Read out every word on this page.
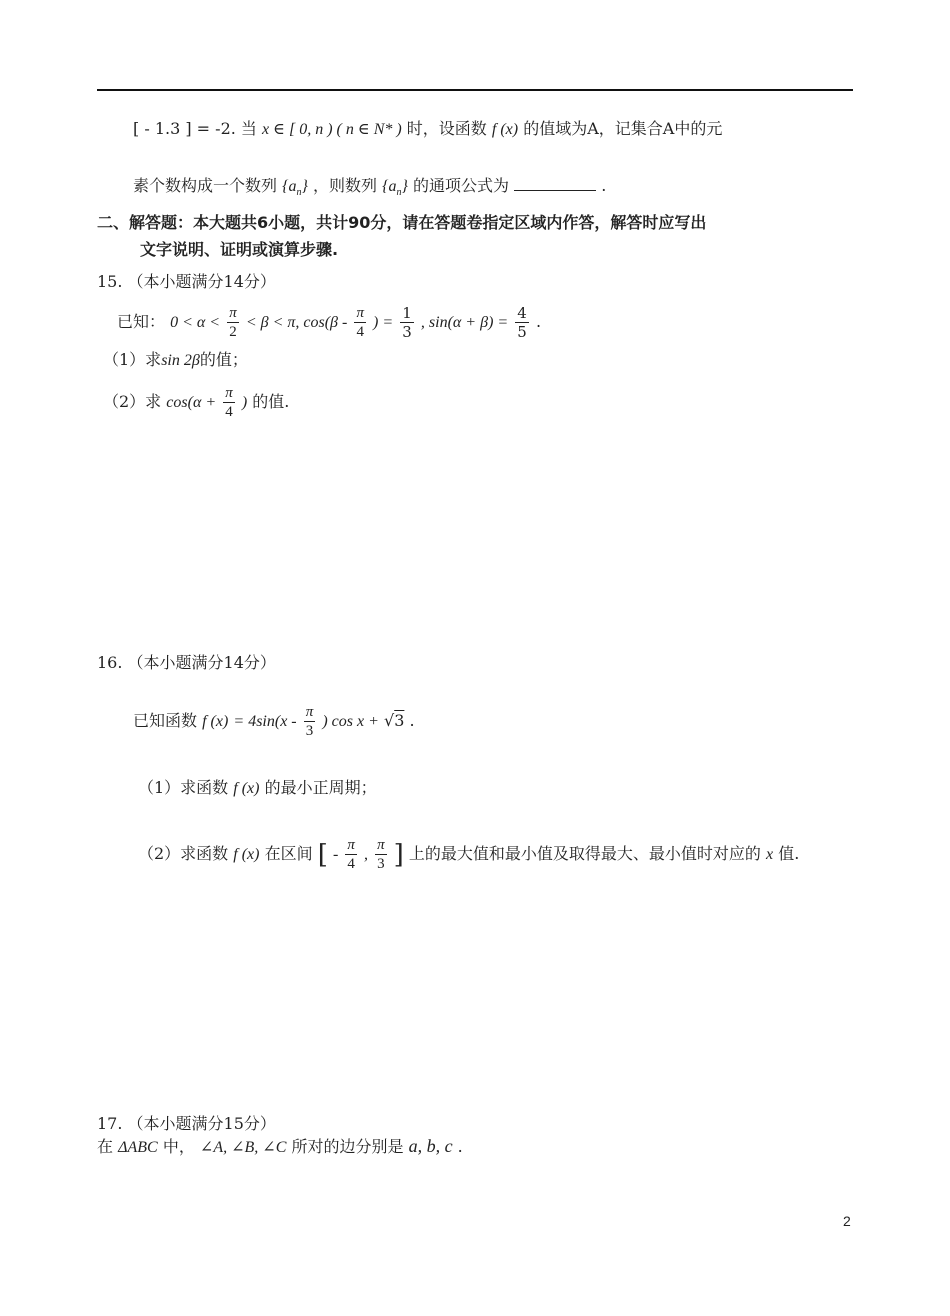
[ - 1.3 ] = -2. 当 x ∈ [ 0, n ) ( n ∈ N* ) 时，设函数 f (x) 的值域为A，记集合A中的元
素个数构成一个数列 $\{a_n\}$ ，则数列 $\{a_n\}$ 的通项公式为	.
二、解答题：本大题共6小题，共计90分，请在答题卷指定区域内作答，解答时应写出
文字说明、证明或演算步骤.
15. （本小题满分14分）
已知： $0 < \alpha < \frac{\pi}{2} < \beta < \pi$, $\cos(\beta - \frac{\pi}{4}$ ) = $\frac{1}{3}$ , $\sin(\alpha + \beta) = \frac{4}{5}$ .
（1）求sin 2β的值；
（2）求 $\cos(\alpha + \frac{\pi}{4}$ ) 的值.
16. （本小题满分14分）
已知函数 f $(x) = 4\sin(x - \frac{\pi}{3}$ ) cos x + √3 .
（1）求函数 f (x) 的最小正周期；
（2）求函数 f (x) 在区间 [ - $\frac{\pi}{4}$ , $\frac{\pi}{3}$ ] 上的最大值和最小值及取得最大、最小值时对应的 x 值.
17. （本小题满分15分）
在 ΔABC 中， ∠A, ∠B, ∠C 所对的边分别是 a, b, c .
2
